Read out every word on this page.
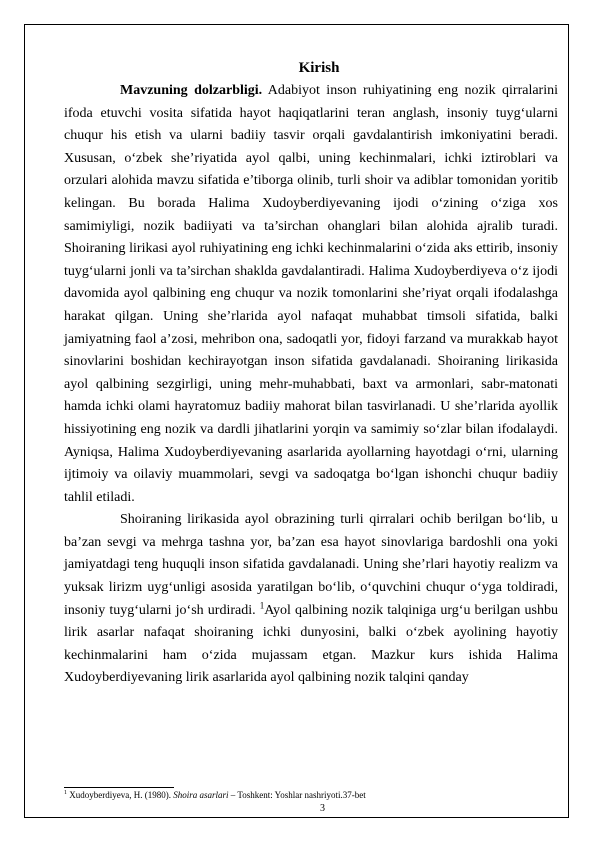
Kirish

Mavzuning dolzarbligi. Adabiyot inson ruhiyatining eng nozik qirralarini ifoda etuvchi vosita sifatida hayot haqiqatlarini teran anglash, insoniy tuyg‘ularni chuqur his etish va ularni badiiy tasvir orqali gavdalantirish imkoniyatini beradi. Xususan, o‘zbek she’riyatida ayol qalbi, uning kechinmalari, ichki iztiroblari va orzulari alohida mavzu sifatida e’tiborga olinib, turli shoir va adiblar tomonidan yoritib kelingan. Bu borada Halima Xudoyberdiyevaning ijodi o‘zining o‘ziga xos samimiyligi, nozik badiiyati va ta’sirchan ohanglari bilan alohida ajralib turadi. Shoiraning lirikasi ayol ruhiyatining eng ichki kechinmalarini o‘zida aks ettirib, insoniy tuyg‘ularni jonli va ta’sirchan shaklda gavdalantiradi. Halima Xudoyberdiyeva o‘z ijodi davomida ayol qalbining eng chuqur va nozik tomonlarini she’riyat orqali ifodalashga harakat qilgan. Uning she’rlarida ayol nafaqat muhabbat timsoli sifatida, balki jamiyatning faol a’zosi, mehribon ona, sadoqatli yor, fidoyi farzand va murakkab hayot sinovlarini boshidan kechirayotgan inson sifatida gavdalanadi. Shoiraning lirikasida ayol qalbining sezgirligi, uning mehr-muhabbati, baxt va armonlari, sabr-matonati hamda ichki olami hayratomuz badiiy mahorat bilan tasvirlanadi. U she’rlarida ayollik hissiyotining eng nozik va dardli jihatlarini yorqin va samimiy so‘zlar bilan ifodalaydi. Ayniqsa, Halima Xudoyberdiyevaning asarlarida ayollarning hayotdagi o‘rni, ularning ijtimoiy va oilaviy muammolari, sevgi va sadoqatga bo‘lgan ishonchi chuqur badiiy tahlil etiladi.

Shoiraning lirikasida ayol obrazining turli qirralari ochib berilgan bo‘lib, u ba’zan sevgi va mehrga tashna yor, ba’zan esa hayot sinovlariga bardoshli ona yoki jamiyatdagi teng huquqli inson sifatida gavdalanadi. Uning she’rlari hayotiy realizm va yuksak lirizm uyg‘unligi asosida yaratilgan bo‘lib, o‘quvchini chuqur o‘yga toldiradi, insoniy tuyg‘ularni jo‘sh urdiradi. $^1$Ayol qalbining nozik talqiniga urg‘u berilgan ushbu lirik asarlar nafaqat shoiraning ichki dunyosini, balki o‘zbek ayolining hayotiy kechinmalarini ham o‘zida mujassam etgan. Mazkur kurs ishida Halima Xudoyberdiyevaning lirik asarlarida ayol qalbining nozik talqini qanday

$^1$ Xudoyberdiyeva, H. (1980). Shoira asarlari – Toshkent: Yoshlar nashriyoti.37-bet
3
